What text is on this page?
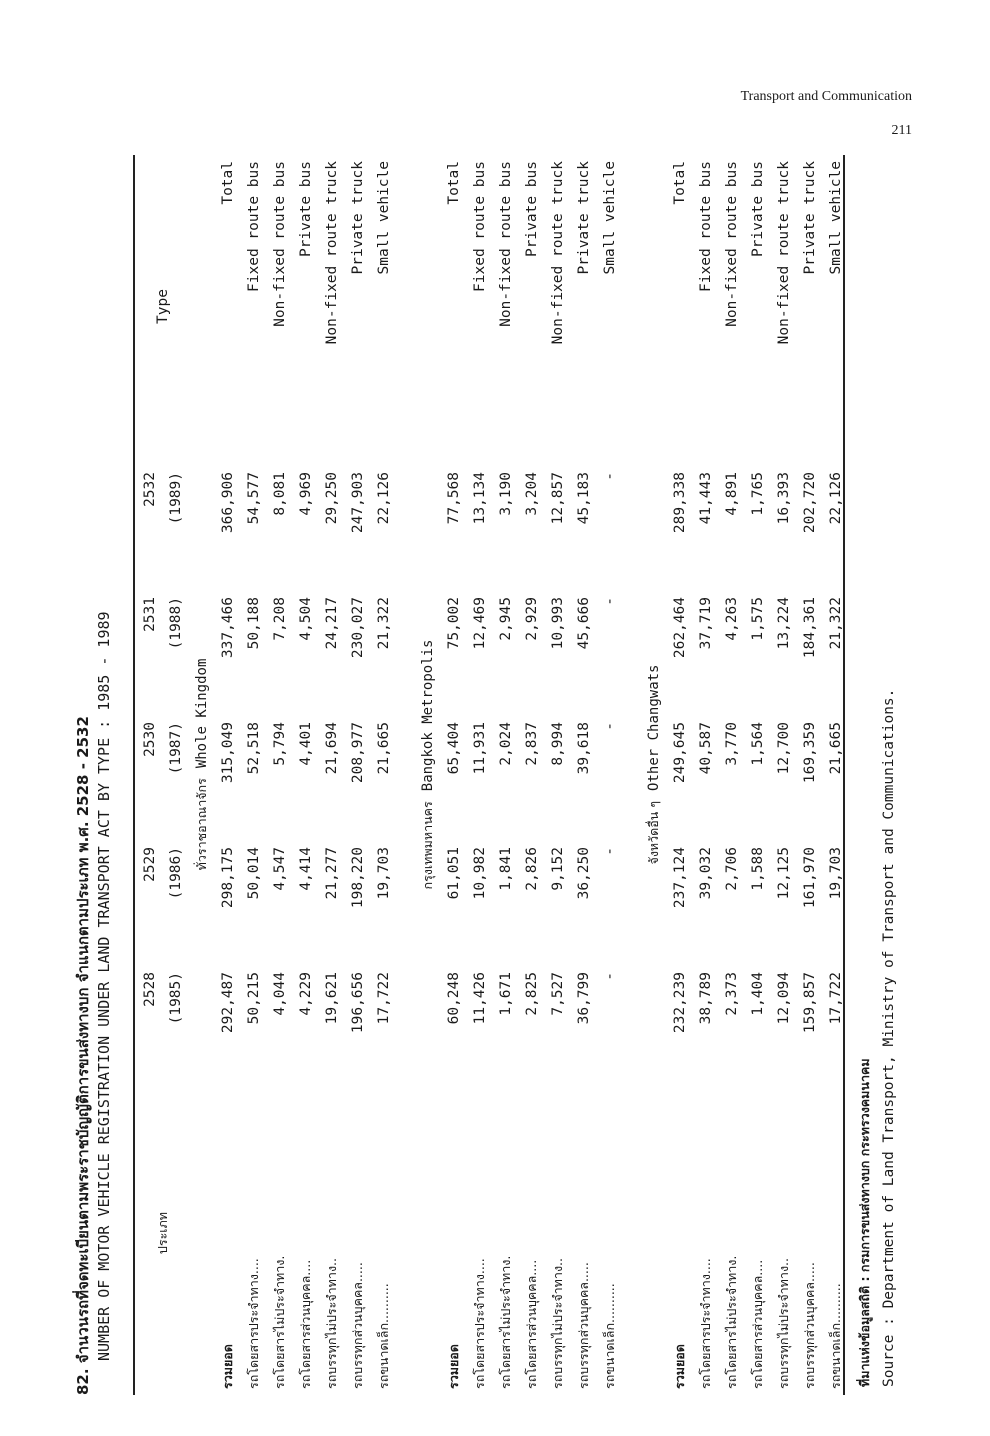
Transport and Communication
211
82. จำนวนรถที่จดทะเบียนตามพระราชบัญญัติการขนส่งทางบก จำแนกตามประเภท พ.ศ. 2528 - 2532 NUMBER OF MOTOR VEHICLE REGISTRATION UNDER LAND TRANSPORT ACT BY TYPE : 1985 - 1989	ประเภท	2528	2529	2530	2531	2532	Type
	(1985)	(1986)	(1987)	(1988)	(1989)	
	ทั่วราชอาณาจักรWhole Kingdom					
รวมยอด	292,487	298,175	315,049	337,466	366,906	Total
รถโดยสารประจำทาง....	50,215	50,014	52,518	50,188	54,577	Fixed route bus
รถโดยสารไม่ประจำทาง.	4,044	4,547	5,794	7,208	8,081	Non-fixed route bus
รถโดยสารส่วนบุคคล....	4,229	4,414	4,401	4,504	4,969	Private bus
รถบรรทุกไม่ประจำทาง..	19,621	21,277	21,694	24,217	29,250	Non-fixed route truck
รถบรรทุกส่วนบุคคล.....	196,656	198,220	208,977	230,027	247,903	Private truck
รถขนาดเล็ก..........	17,722	19,703	21,665	21,322	22,126	Small vehicle

	กรุงเทพมหานครBangkok Metropolis					
รวมยอด	60,248	61,051	65,404	75,002	77,568	Total
รถโดยสารประจำทาง....	11,426	10,982	11,931	12,469	13,134	Fixed route bus
รถโดยสารไม่ประจำทาง.	1,671	1,841	2,024	2,945	3,190	Non-fixed route bus
รถโดยสารส่วนบุคคล....	2,825	2,826	2,837	2,929	3,204	Private bus
รถบรรทุกไม่ประจำทาง..	7,527	9,152	8,994	10,993	12,857	Non-fixed route truck
รถบรรทุกส่วนบุคคล.....	36,799	36,250	39,618	45,666	45,183	Private truck
รถขนาดเล็ก..........	-	-	-	-	-	Small vehicle

	จังหวัดอื่น ๆOther Changwats					
รวมยอด	232,239	237,124	249,645	262,464	289,338	Total
รถโดยสารประจำทาง....	38,789	39,032	40,587	37,719	41,443	Fixed route bus
รถโดยสารไม่ประจำทาง.	2,373	2,706	3,770	4,263	4,891	Non-fixed route bus
รถโดยสารส่วนบุคคล....	1,404	1,588	1,564	1,575	1,765	Private bus
รถบรรทุกไม่ประจำทาง..	12,094	12,125	12,700	13,224	16,393	Non-fixed route truck
รถบรรทุกส่วนบุคคล.....	159,857	161,970	169,359	184,361	202,720	Private truck
รถขนาดเล็ก..........	17,722	19,703	21,665	21,322	22,126	Small vehicle
ที่มาแห่งข้อมูลสถิติ : กรมการขนส่งทางบก กระทรวงคมนาคม Source : Department of Land Transport, Ministry of Transport and Communications.
